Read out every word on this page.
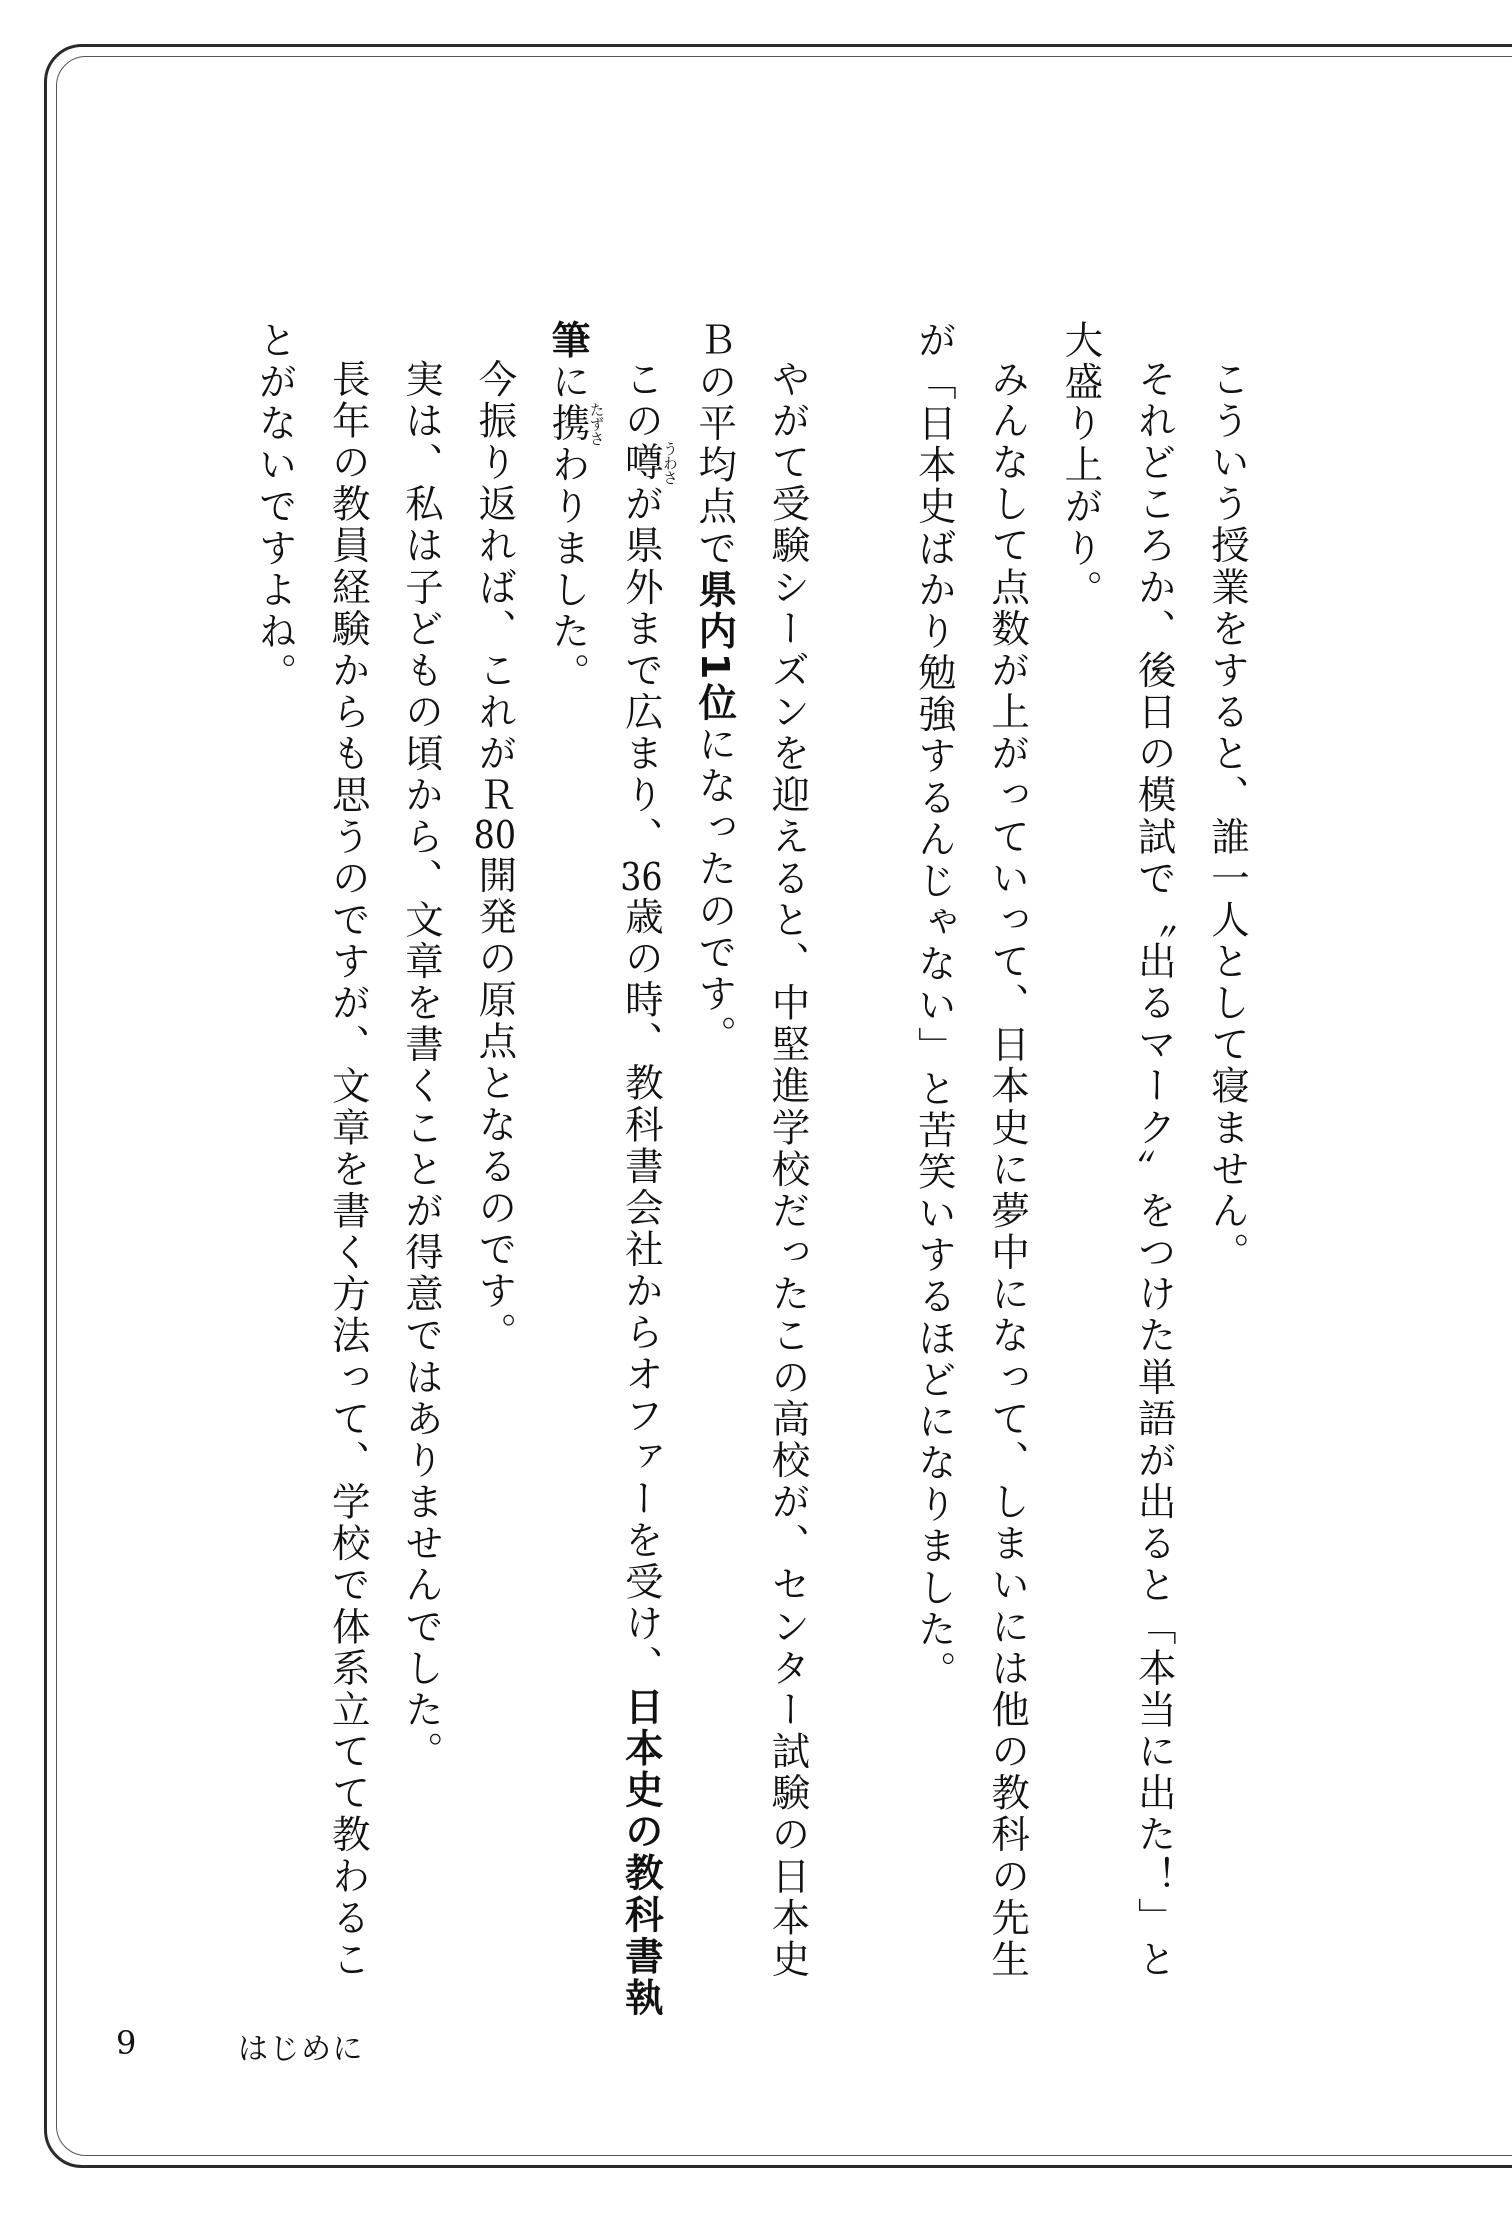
こういう授業をすると、誰一人として寝ません。

それどころか、後日の模試で〝出るマーク〟をつけた単語が出ると「本当に出た！」と大盛り上がり。

みんなして点数が上がっていって、日本史に夢中になって、しまいには他の教科の先生が「日本史ばかり勉強するんじゃない」と苦笑いするほどになりました。

やがて受験シーズンを迎えると、中堅進学校だったこの高校が、センター試験の日本史Ｂの平均点で県内1位になったのです。

この噂うわさが県外まで広まり、36歳の時、教科書会社からオファーを受け、日本史の教科書執筆に携たずさわりました。

今振り返れば、これがＲ80開発の原点となるのです。

実は、私は子どもの頃から、文章を書くことが得意ではありませんでした。

長年の教員経験からも思うのですが、文章を書く方法って、学校で体系立てて教わることがないですよね。

9	はじめに
